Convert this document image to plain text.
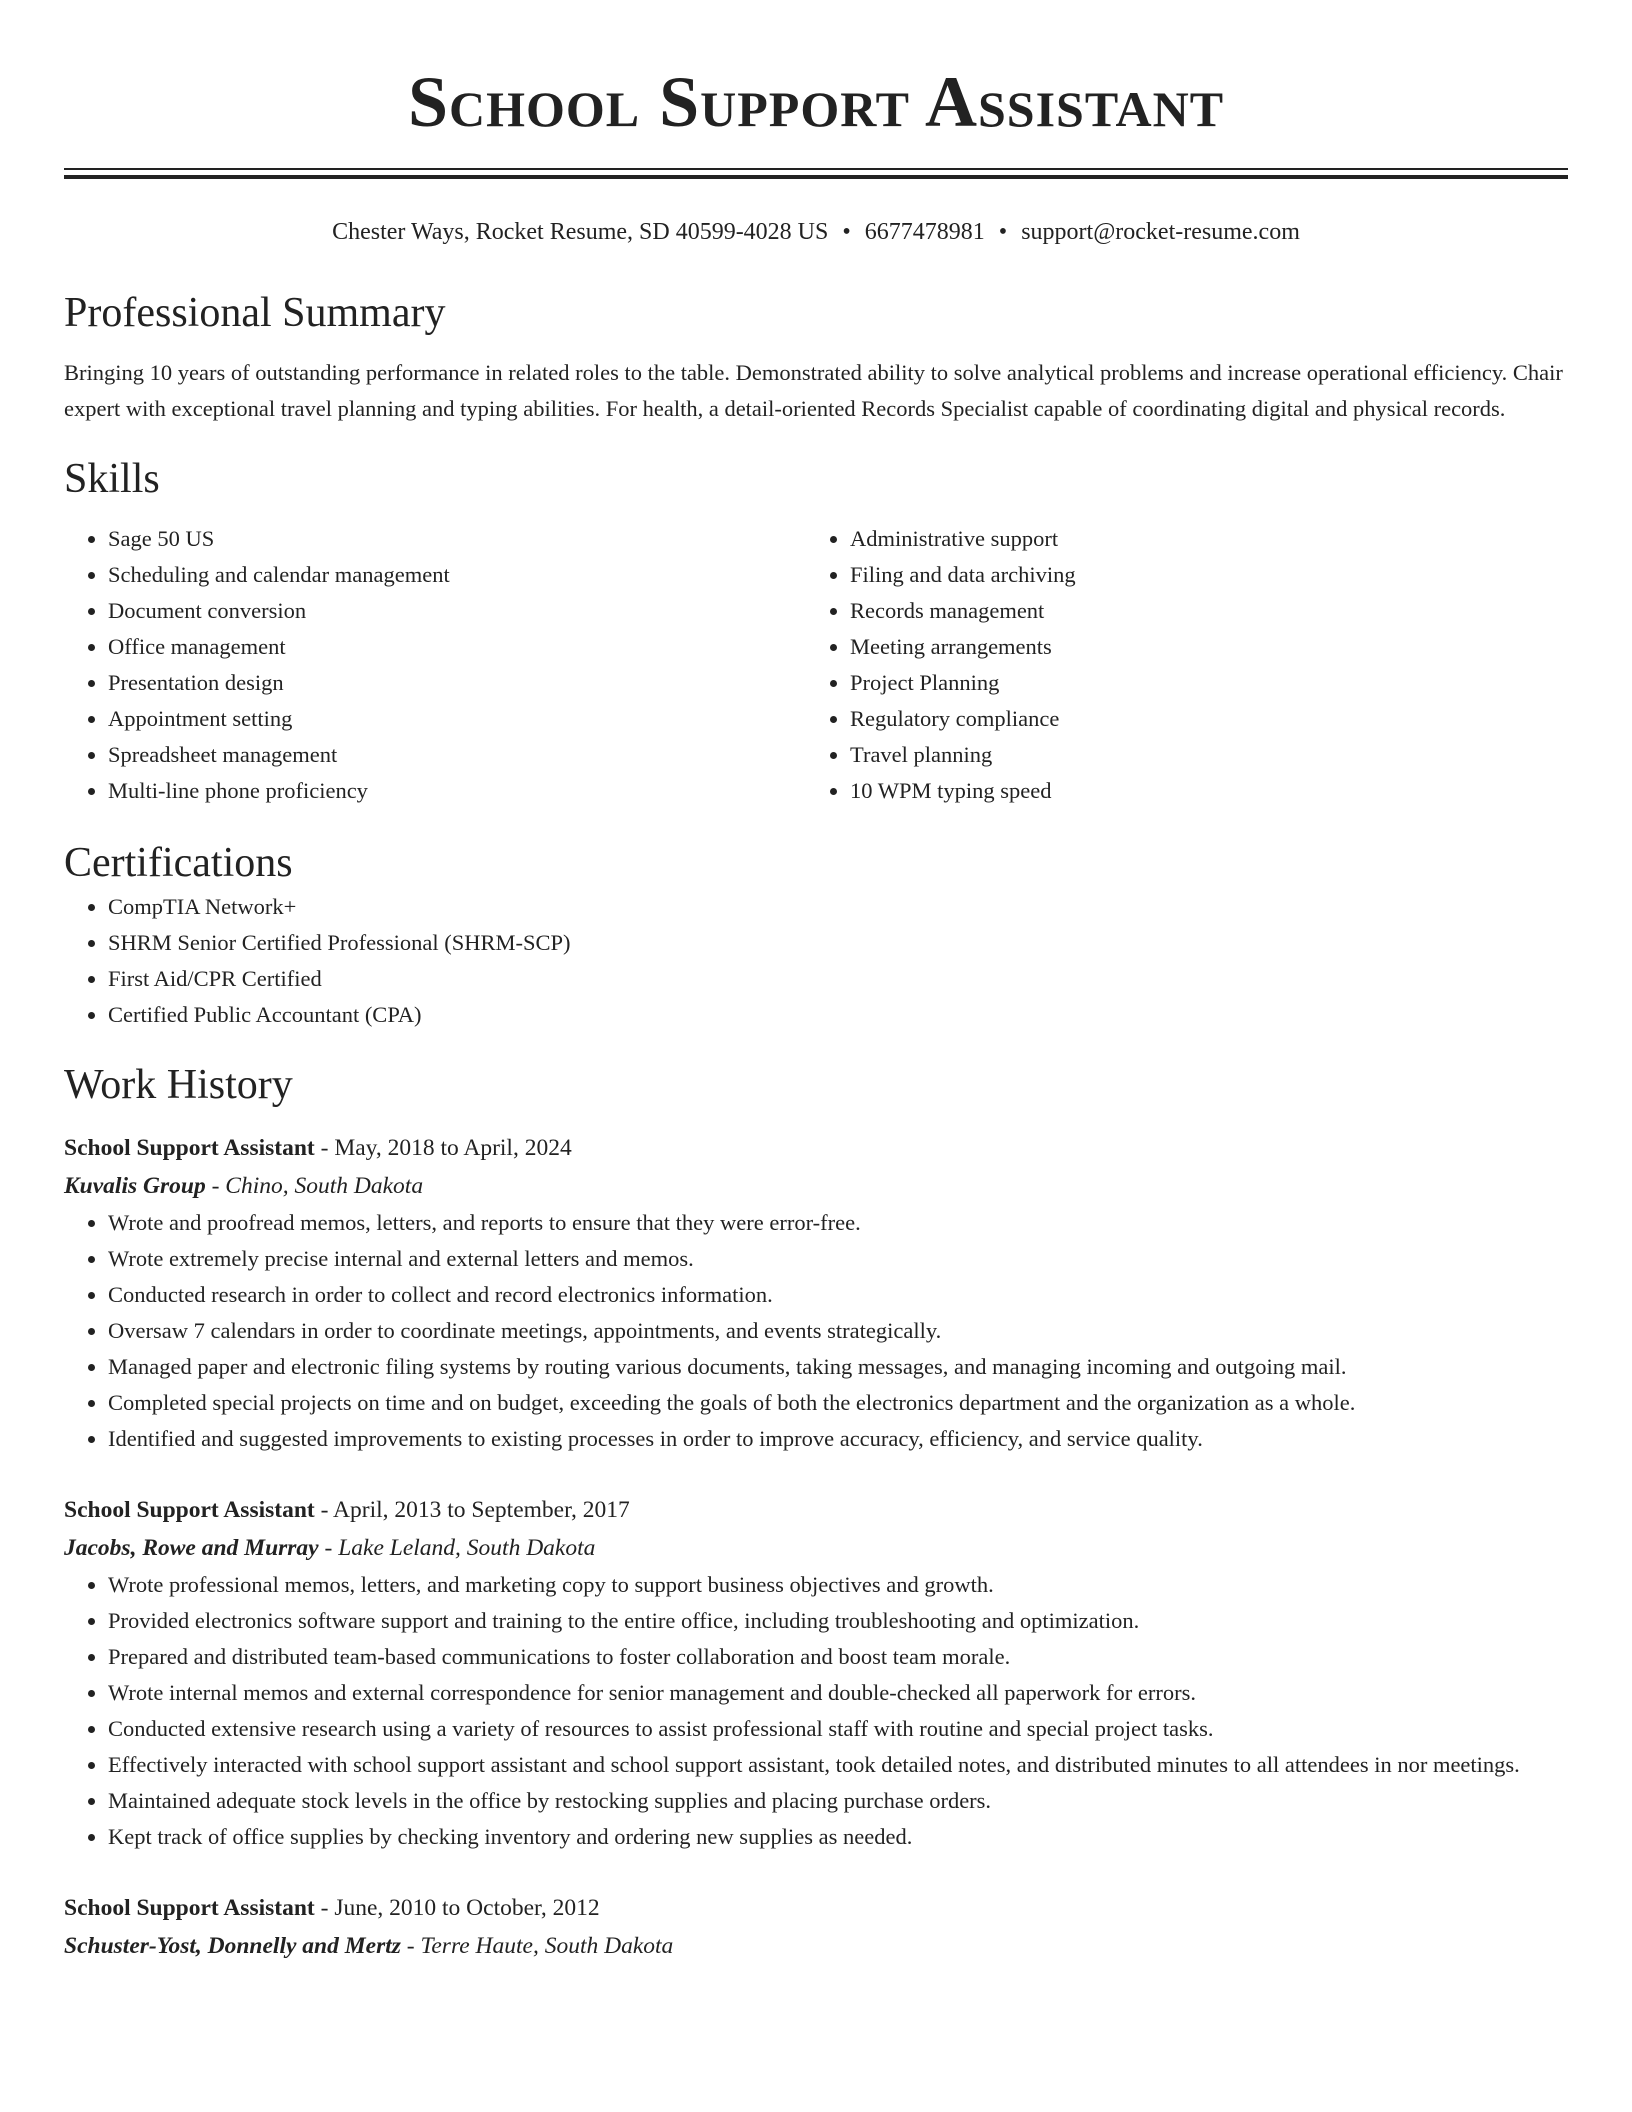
School Support Assistant
Chester Ways, Rocket Resume, SD 40599-4028 US • 6677478981 • support@rocket-resume.com
Professional Summary

Bringing 10 years of outstanding performance in related roles to the table. Demonstrated ability to solve analytical problems and increase operational efficiency. Chair expert with exceptional travel planning and typing abilities. For health, a detail-oriented Records Specialist capable of coordinating digital and physical records.

Skills
• Sage 50 US
• Scheduling and calendar management
• Document conversion
• Office management
• Presentation design
• Appointment setting
• Spreadsheet management
• Multi-line phone proficiency
• Administrative support
• Filing and data archiving
• Records management
• Meeting arrangements
• Project Planning
• Regulatory compliance
• Travel planning
• 10 WPM typing speed
Certifications
• CompTIA Network+
• SHRM Senior Certified Professional (SHRM-SCP)
• First Aid/CPR Certified
• Certified Public Accountant (CPA)
Work History
School Support Assistant - May, 2018 to April, 2024
Kuvalis Group - Chino, South Dakota
• Wrote and proofread memos, letters, and reports to ensure that they were error-free.
• Wrote extremely precise internal and external letters and memos.
• Conducted research in order to collect and record electronics information.
• Oversaw 7 calendars in order to coordinate meetings, appointments, and events strategically.
• Managed paper and electronic filing systems by routing various documents, taking messages, and managing incoming and outgoing mail.
• Completed special projects on time and on budget, exceeding the goals of both the electronics department and the organization as a whole.
• Identified and suggested improvements to existing processes in order to improve accuracy, efficiency, and service quality.
School Support Assistant - April, 2013 to September, 2017
Jacobs, Rowe and Murray - Lake Leland, South Dakota
• Wrote professional memos, letters, and marketing copy to support business objectives and growth.
• Provided electronics software support and training to the entire office, including troubleshooting and optimization.
• Prepared and distributed team-based communications to foster collaboration and boost team morale.
• Wrote internal memos and external correspondence for senior management and double-checked all paperwork for errors.
• Conducted extensive research using a variety of resources to assist professional staff with routine and special project tasks.
• Effectively interacted with school support assistant and school support assistant, took detailed notes, and distributed minutes to all attendees in nor meetings.
• Maintained adequate stock levels in the office by restocking supplies and placing purchase orders.
• Kept track of office supplies by checking inventory and ordering new supplies as needed.
School Support Assistant - June, 2010 to October, 2012
Schuster-Yost, Donnelly and Mertz - Terre Haute, South Dakota
